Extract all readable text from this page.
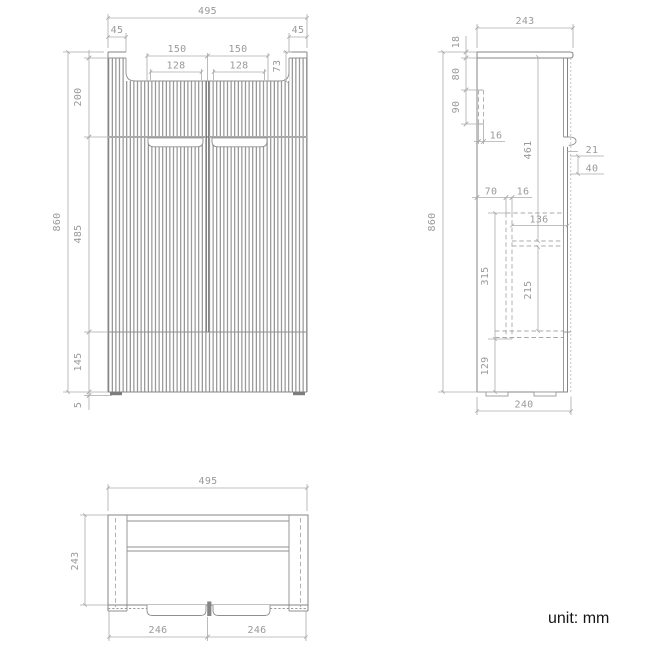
495
45	45
150	150
128	128 73
860
200
485
145
5
243
18
80
90
16
70 16
136
461
215
315
129
860
21
40
240
495
243
246	246
unit: mm
